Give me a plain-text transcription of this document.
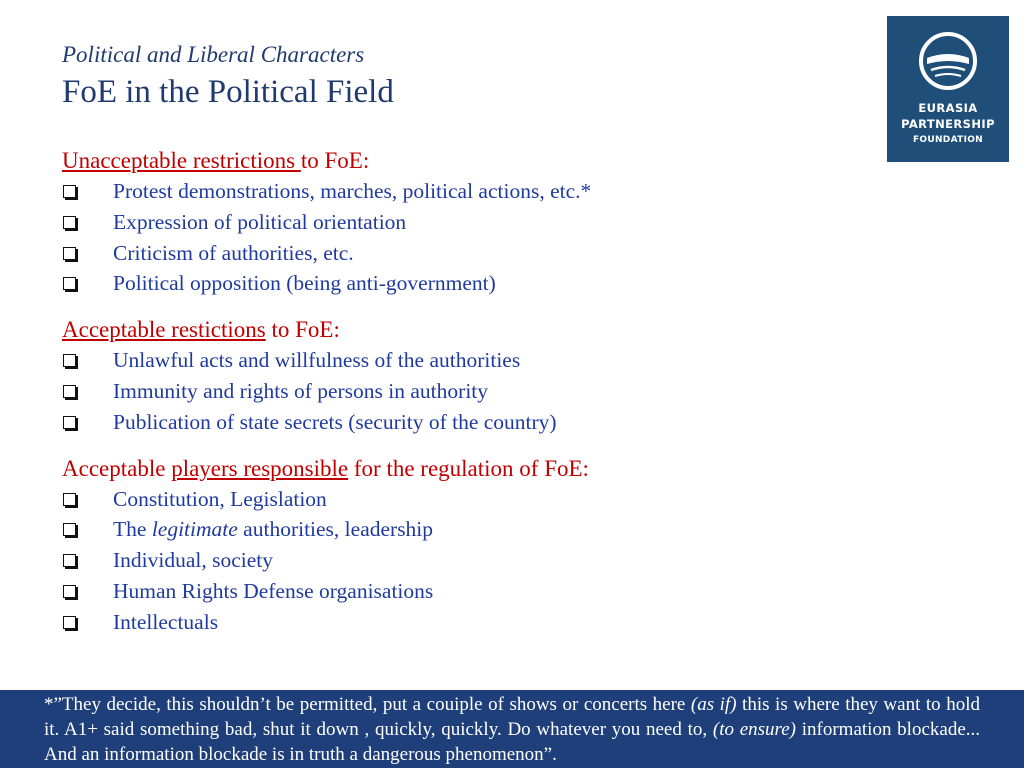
Political and Liberal Characters
FoE in the Political Field	EURASIA
PARTNERSHIP
FOUNDATION

Unacceptable restrictions to FoE:

Protest demonstrations, marches, political actions, etc.*
Expression of political orientation
Criticism of authorities, etc.
Political opposition (being anti-government)

Acceptable restictions to FoE:

Unlawful acts and willfulness of the authorities
Immunity and rights of persons in authority
Publication of state secrets (security of the country)

Acceptable players responsible for the regulation of FoE:

Constitution, Legislation
The legitimate authorities, leadership
Individual, society
Human Rights Defense organisations
Intellectuals

*”They decide, this shouldn’t be permitted, put a couiple of shows or concerts here (as if) this is where they want to hold it. A1+ said something bad, shut it down , quickly, quickly. Do whatever you need to, (to ensure) information blockade... And an information blockade is in truth a dangerous phenomenon”.
